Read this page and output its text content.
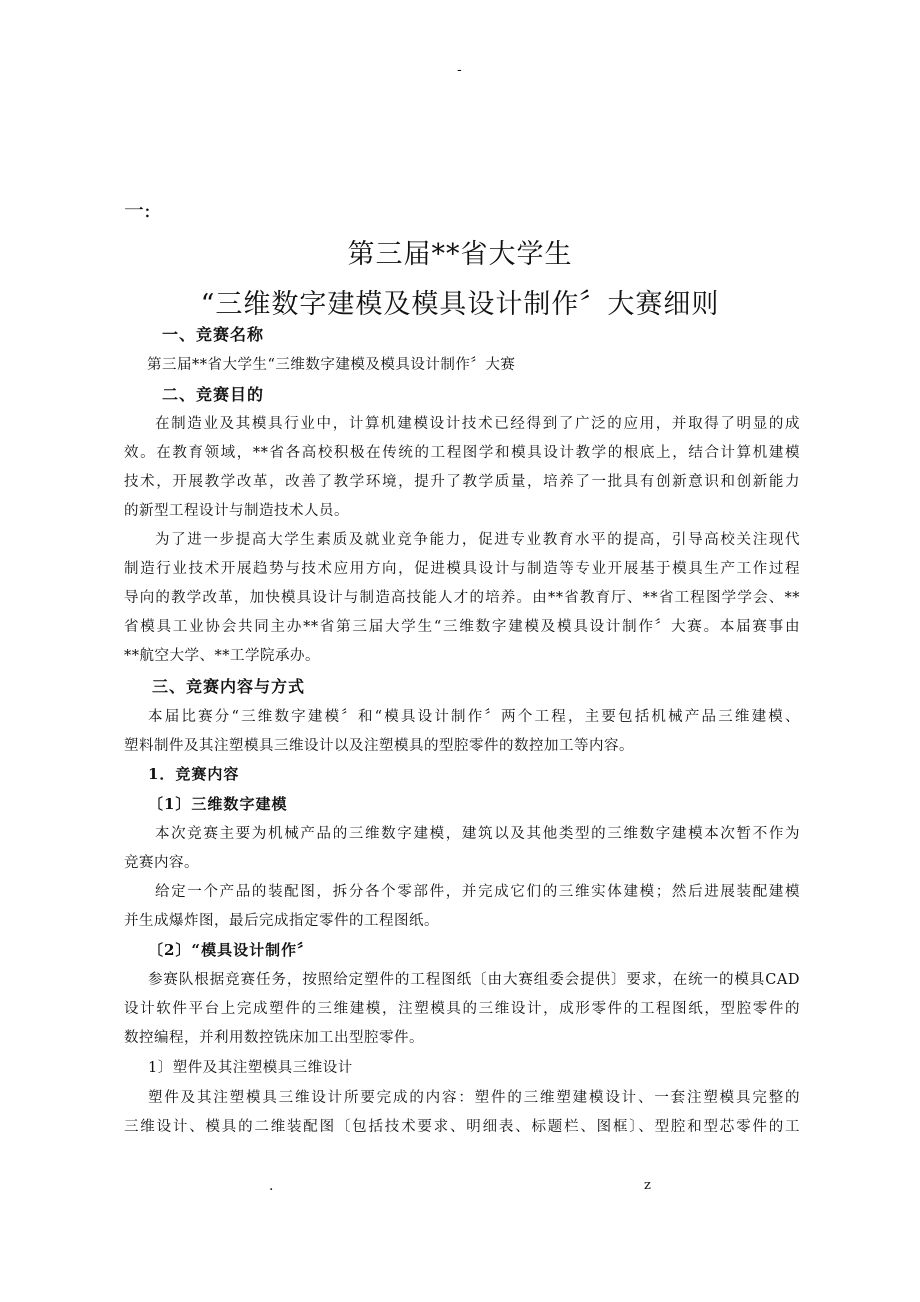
-
一:
第三届**省大学生
“三维数字建模及模具设计制作〞大赛细则
一、竞赛名称
第三届**省大学生“三维数字建模及模具设计制作〞大赛
二、竞赛目的
在制造业及其模具行业中，计算机建模设计技术已经得到了广泛的应用，并取得了明显的成
效。在教育领域，**省各高校积极在传统的工程图学和模具设计教学的根底上，结合计算机建模
技术，开展教学改革，改善了教学环境，提升了教学质量，培养了一批具有创新意识和创新能力
的新型工程设计与制造技术人员。
为了进一步提高大学生素质及就业竞争能力，促进专业教育水平的提高，引导高校关注现代
制造行业技术开展趋势与技术应用方向，促进模具设计与制造等专业开展基于模具生产工作过程
导向的教学改革，加快模具设计与制造高技能人才的培养。由**省教育厅、**省工程图学学会、**
省模具工业协会共同主办**省第三届大学生“三维数字建模及模具设计制作〞大赛。本届赛事由
**航空大学、**工学院承办。
三、竞赛内容与方式
本届比赛分“三维数字建模〞和“模具设计制作〞两个工程，主要包括机械产品三维建模、
塑料制件及其注塑模具三维设计以及注塑模具的型腔零件的数控加工等内容。
1．竞赛内容
〔1〕三维数字建模
本次竞赛主要为机械产品的三维数字建模，建筑以及其他类型的三维数字建模本次暂不作为
竞赛内容。
给定一个产品的装配图，拆分各个零部件，并完成它们的三维实体建模；然后进展装配建模
并生成爆炸图，最后完成指定零件的工程图纸。
〔2〕“模具设计制作〞
参赛队根据竞赛任务，按照给定塑件的工程图纸〔由大赛组委会提供〕要求，在统一的模具CAD
设计软件平台上完成塑件的三维建模，注塑模具的三维设计，成形零件的工程图纸，型腔零件的
数控编程，并利用数控铣床加工出型腔零件。
1〕塑件及其注塑模具三维设计
塑件及其注塑模具三维设计所要完成的内容：塑件的三维塑建模设计、一套注塑模具完整的
三维设计、模具的二维装配图〔包括技术要求、明细表、标题栏、图框〕、型腔和型芯零件的工
.	z
